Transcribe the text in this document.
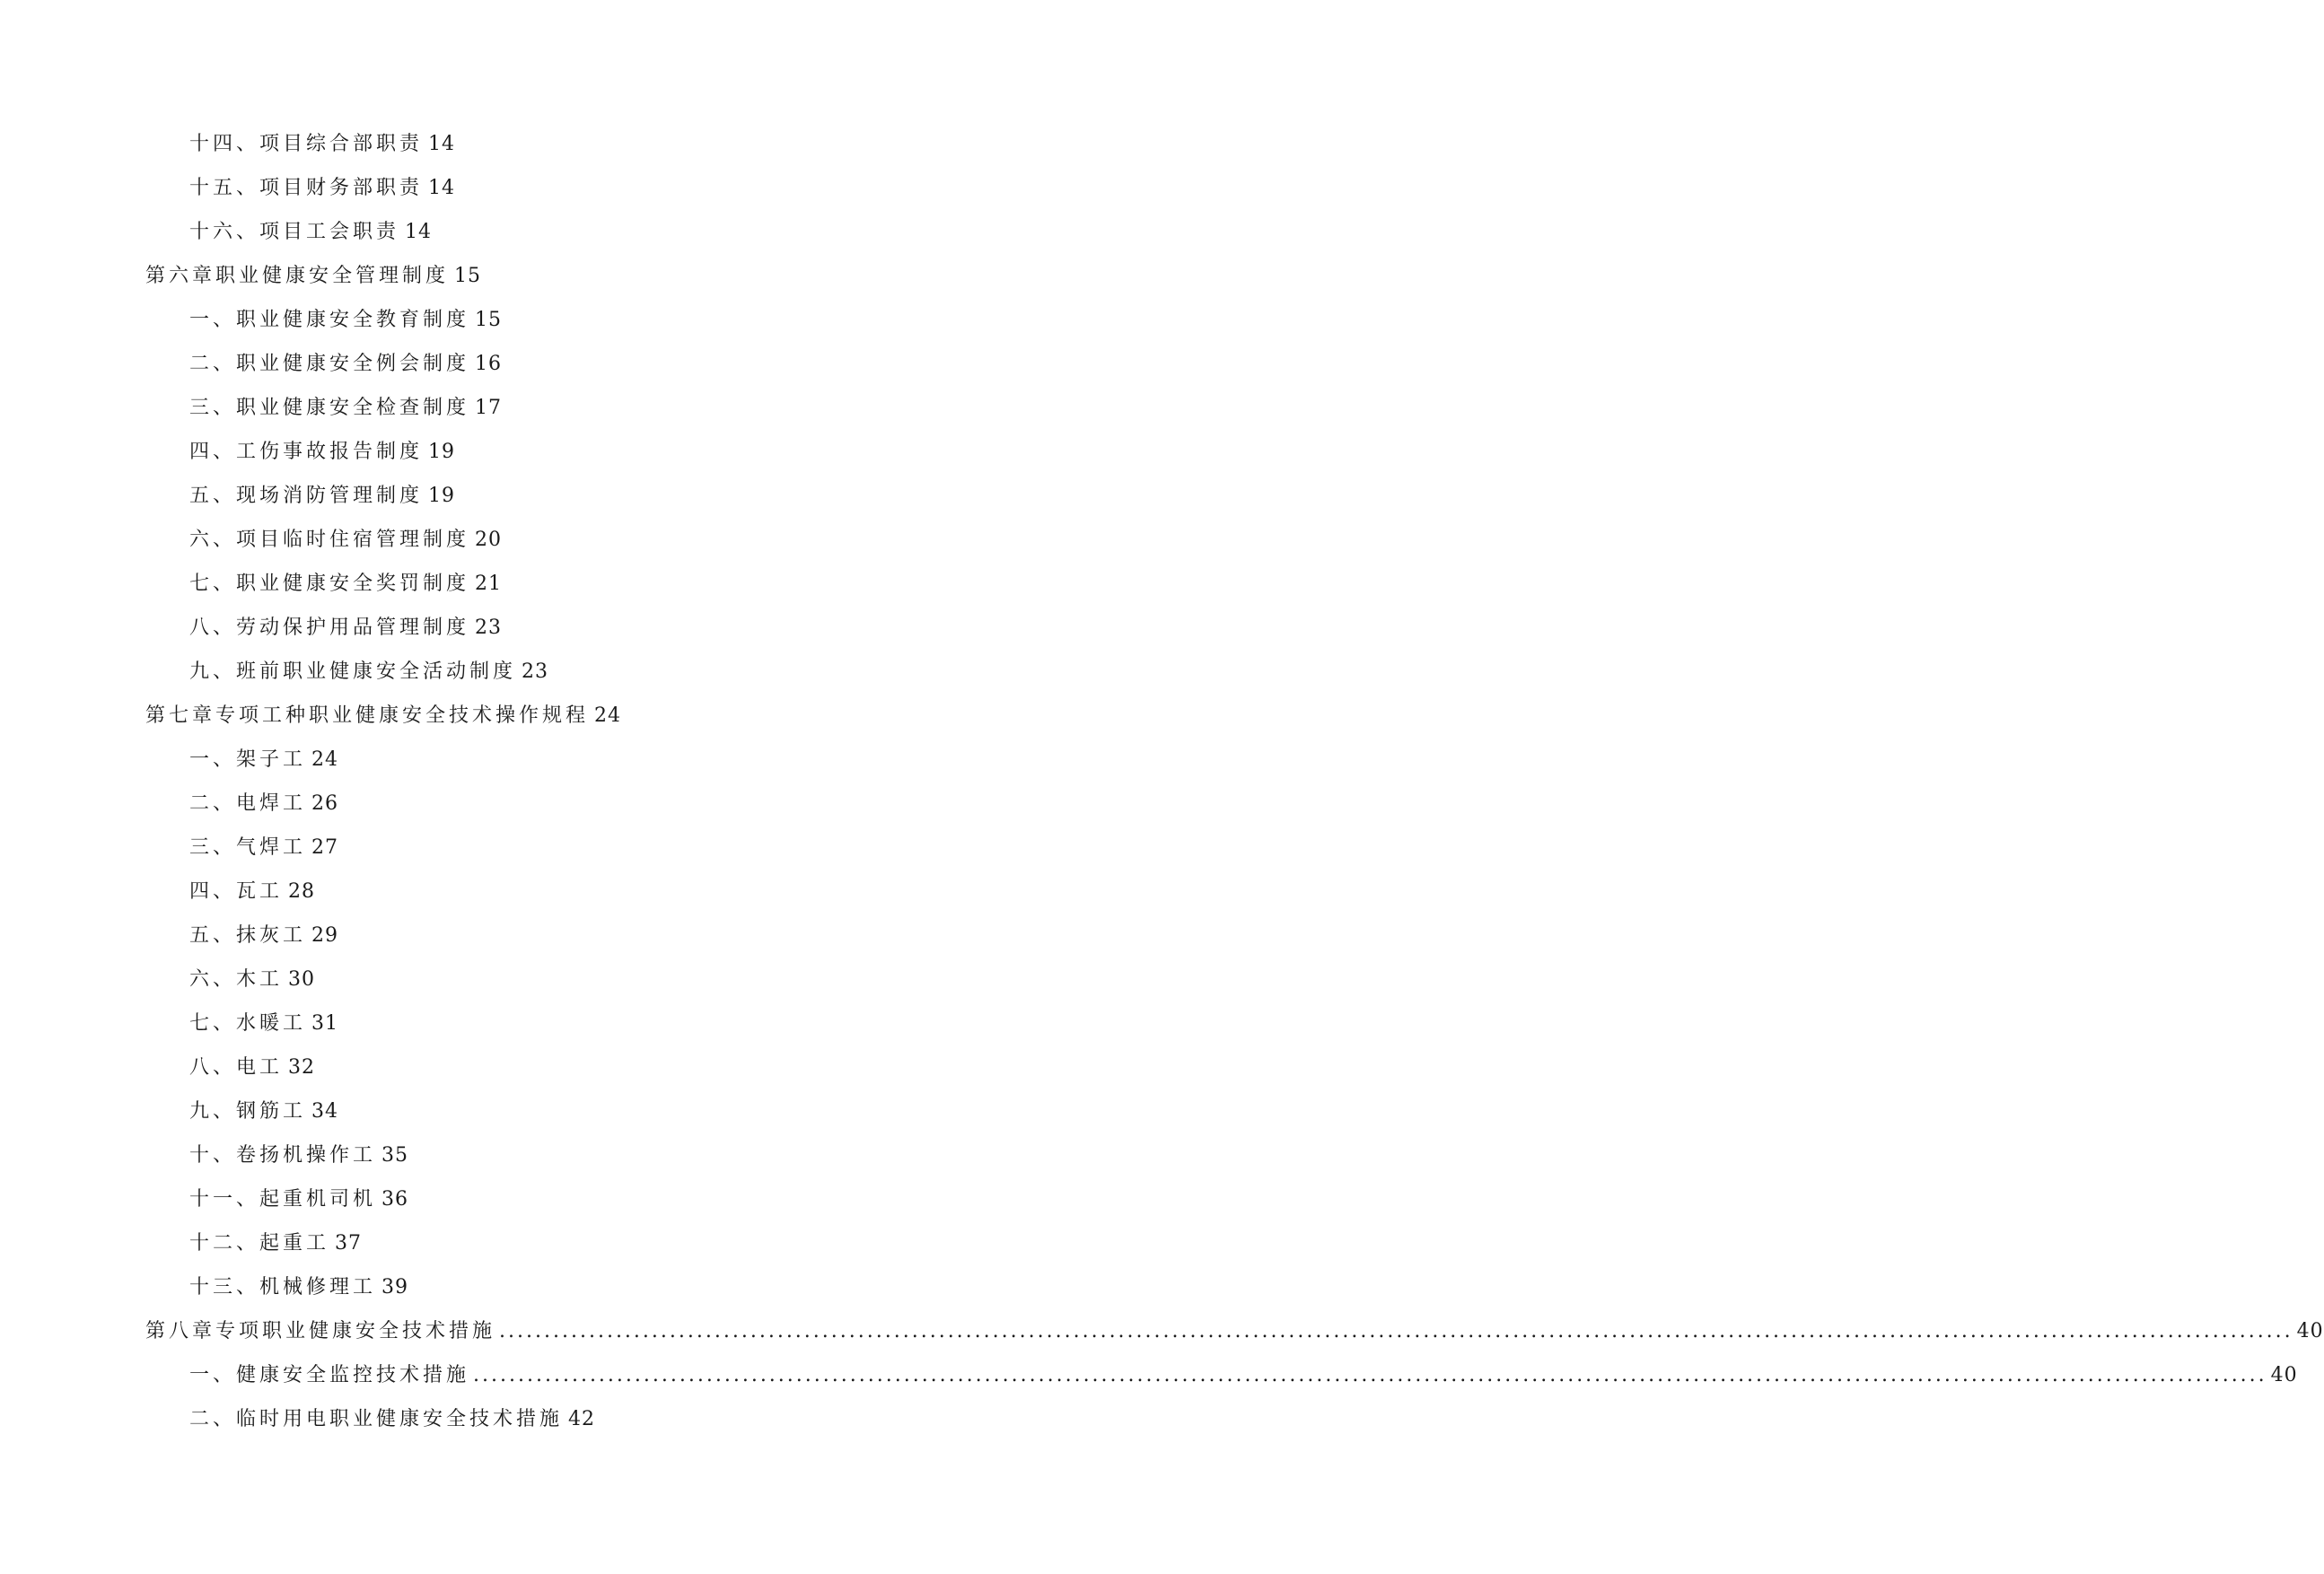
十四、 项目综合部职责 14
十五、 项目财务部职责 14
十六、 项目工会职责 14
第六章 职业健康安全管理制度 15
一、 职业健康安全教育制度 15
二、 职业健康安全例会制度 16
三、 职业健康安全检查制度 17
四、 工伤事故报告制度 19
五、 现场消防管理制度 19
六、 项目临时住宿管理制度 20
七、 职业健康安全奖罚制度 21
八、 劳动保护用品管理制度 23
九、 班前职业健康安全活动制度 23
第七章 专项工种职业健康安全技术操作规程 24
一、 架子工 24
二、 电焊工 26
三、 气焊工 27
四、 瓦工 28
五、 抹灰工 29
六、 木工 30
七、 水暖工 31
八、 电工 32
九、 钢筋工 34
十、 卷扬机操作工 35
十一、 起重机司机 36
十二、 起重工 37
十三、 机械修理工 39
第八章 专项职业健康安全技术措施 ........................................................................................................................................................................................................ 40
一、 健康安全监控技术措施 ........................................................................................................................................................................................................ 40
二、 临时用电职业健康安全技术措施 42
